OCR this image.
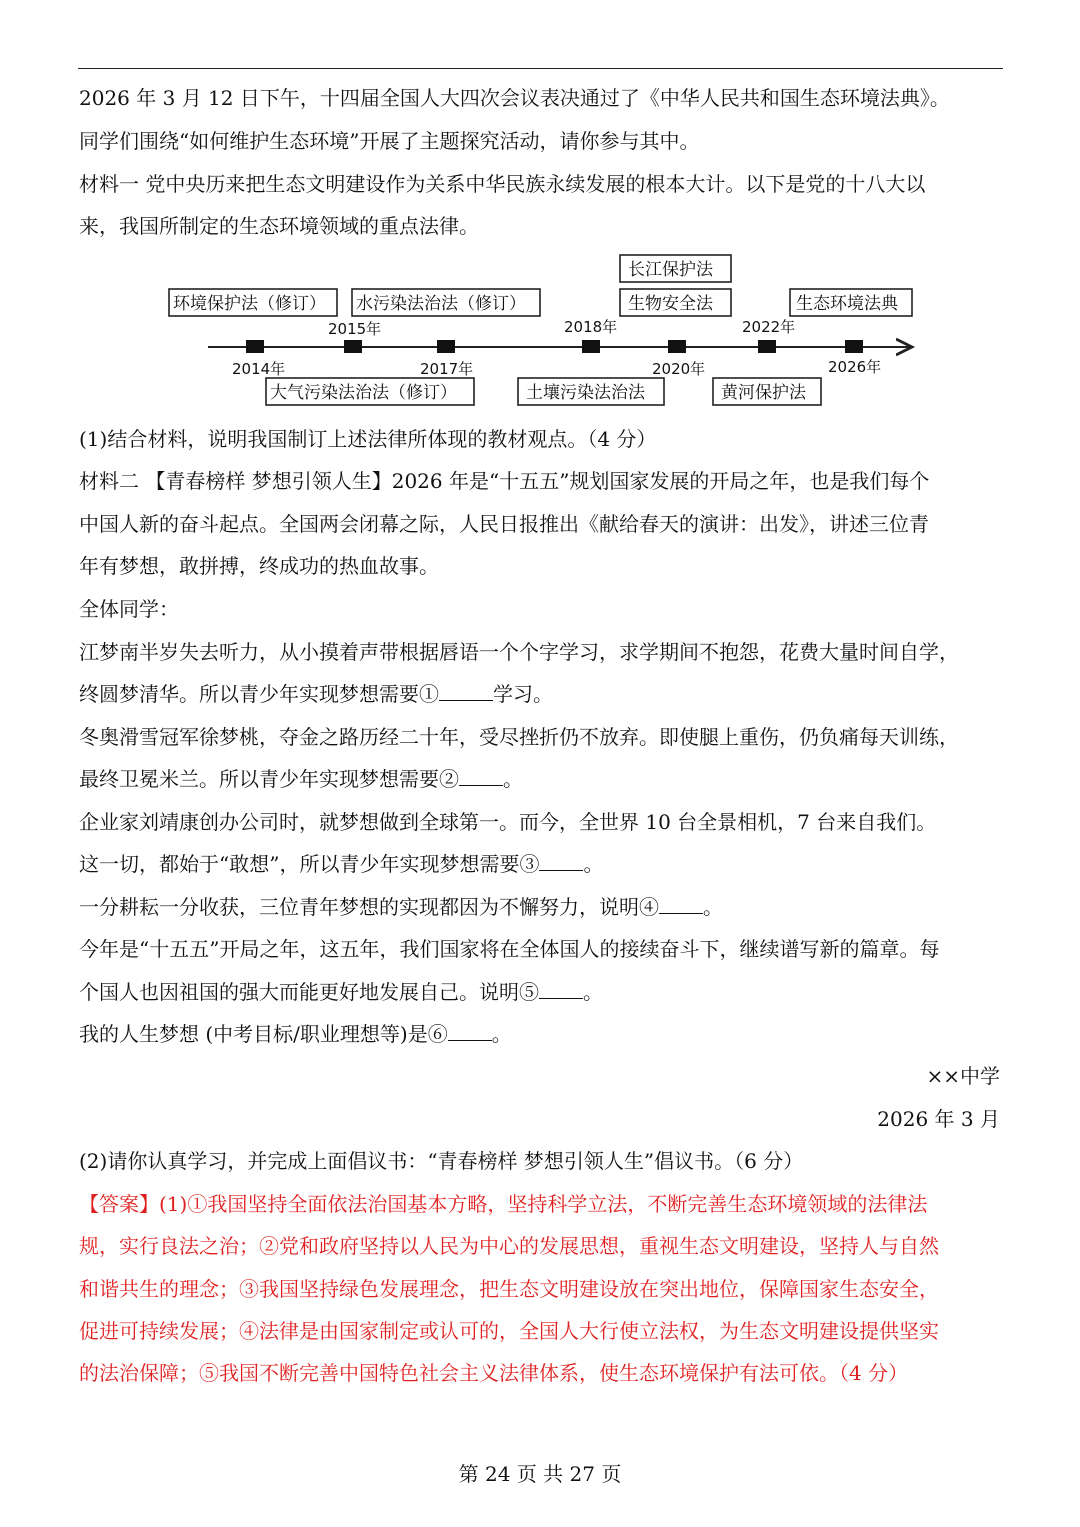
2026 年 3 月 12 日下午，十四届全国人大四次会议表决通过了《中华人民共和国生态环境法典》。
同学们围绕“如何维护生态环境”开展了主题探究活动，请你参与其中。
材料一 党中央历来把生态文明建设作为关系中华民族永续发展的根本大计。以下是党的十八大以
来，我国所制定的生态环境领域的重点法律。
2014年
2015年
2017年
2018年
2020年
2022年
2026年
环境保护法（修订） 水污染法治法（修订）
长江保护法
生物安全法	生态环境法典
大气污染法治法（修订）	土壤污染法治法	黄河保护法
(1)结合材料，说明我国制订上述法律所体现的教材观点。（4 分）
材料二 【青春榜样 梦想引领人生】2026 年是“十五五”规划国家发展的开局之年，也是我们每个
中国人新的奋斗起点。全国两会闭幕之际，人民日报推出《献给春天的演讲：出发》，讲述三位青
年有梦想，敢拼搏，终成功的热血故事。
全体同学：
江梦南半岁失去听力，从小摸着声带根据唇语一个个字学习，求学期间不抱怨，花费大量时间自学，
终圆梦清华。所以青少年实现梦想需要①	学习。
冬奥滑雪冠军徐梦桃，夺金之路历经二十年，受尽挫折仍不放弃。即使腿上重伤，仍负痛每天训练，
最终卫冕米兰。所以青少年实现梦想需要② 。
企业家刘靖康创办公司时，就梦想做到全球第一。而今，全世界 10 台全景相机，7 台来自我们。
这一切，都始于“敢想”，所以青少年实现梦想需要③ 。
一分耕耘一分收获，三位青年梦想的实现都因为不懈努力，说明④ 。
今年是“十五五”开局之年，这五年，我们国家将在全体国人的接续奋斗下，继续谱写新的篇章。每
个国人也因祖国的强大而能更好地发展自己。说明⑤ 。
我的人生梦想 (中考目标/职业理想等)是⑥ 。
××中学
2026 年 3 月
(2)请你认真学习，并完成上面倡议书：“青春榜样 梦想引领人生”倡议书。（6 分）
【答案】(1)①我国坚持全面依法治国基本方略，坚持科学立法，不断完善生态环境领域的法律法
规，实行良法之治；②党和政府坚持以人民为中心的发展思想，重视生态文明建设，坚持人与自然
和谐共生的理念；③我国坚持绿色发展理念，把生态文明建设放在突出地位，保障国家生态安全，
促进可持续发展；④法律是由国家制定或认可的，全国人大行使立法权，为生态文明建设提供坚实
的法治保障；⑤我国不断完善中国特色社会主义法律体系，使生态环境保护有法可依。（4 分）
第 24 页 共 27 页
